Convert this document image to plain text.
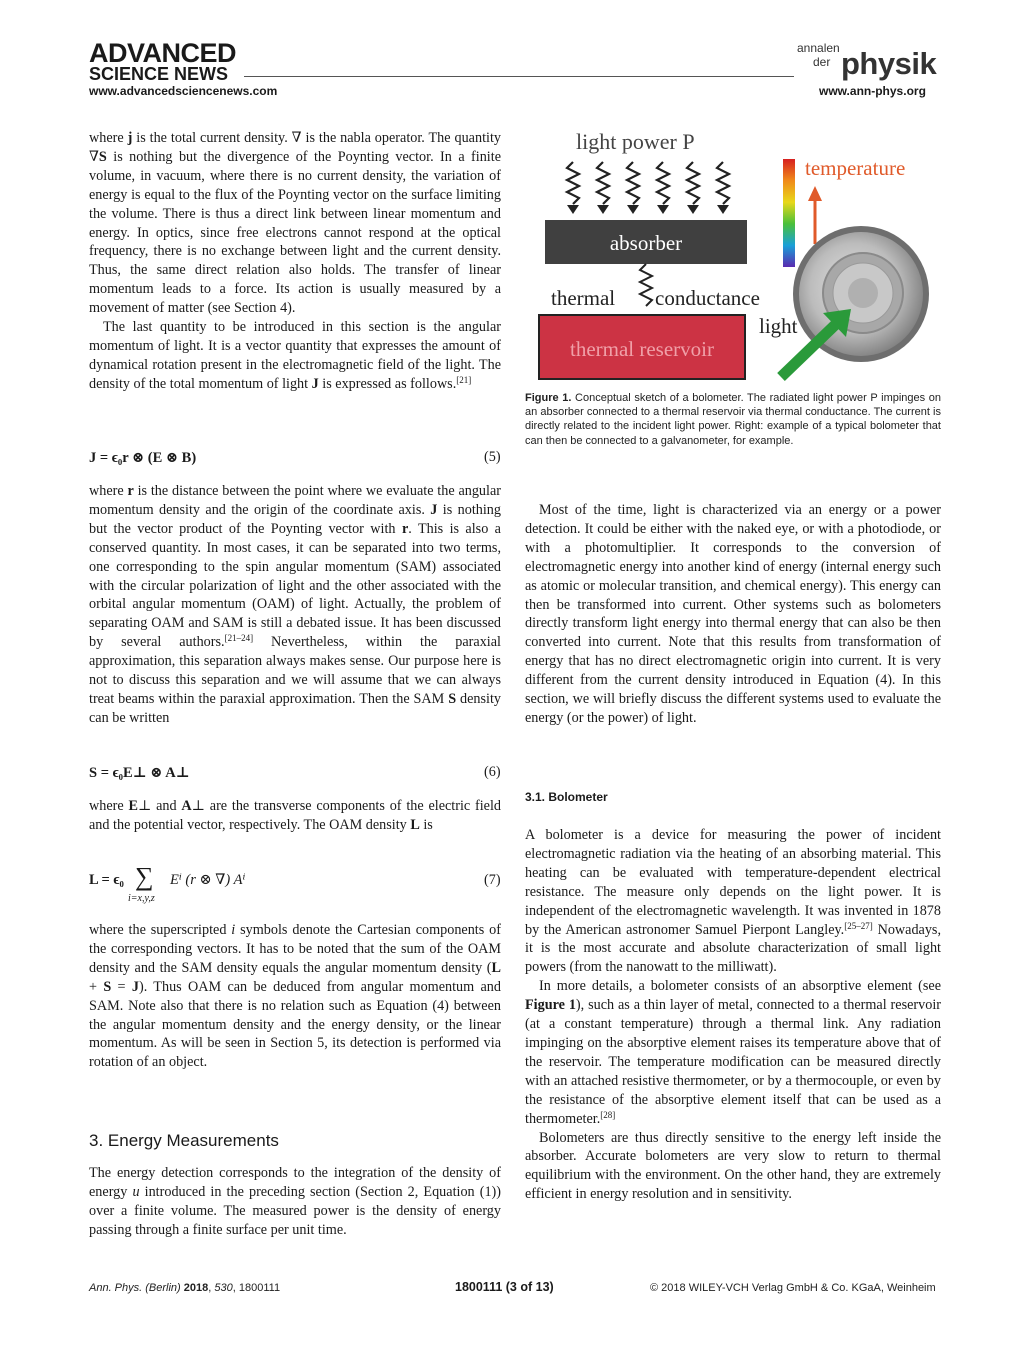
ADVANCED
SCIENCE NEWS
annalen
der physik
www.advancedsciencenews.com	www.ann-phys.org

where j is the total current density. ∇ is the nabla operator. The quantity ∇S is nothing but the divergence of the Poynting vector. In a finite volume, in vacuum, where there is no current density, the variation of energy is equal to the flux of the Poynting vector on the surface limiting the volume. There is thus a direct link between linear momentum and energy. In optics, since free electrons cannot respond at the optical frequency, there is no exchange between light and the current density. Thus, the same direct relation also holds. The transfer of linear momentum leads to a force. Its action is usually measured by a movement of matter (see Section 4).

The last quantity to be introduced in this section is the angular momentum of light. It is a vector quantity that expresses the amount of dynamical rotation present in the electromagnetic field of the light. The density of the total momentum of light J is expressed as follows.[21]

J = ϵ₀r ⊗ (E ⊗ B)	(5)

where r is the distance between the point where we evaluate the angular momentum density and the origin of the coordinate axis. J is nothing but the vector product of the Poynting vector with r. This is also a conserved quantity. In most cases, it can be separated into two terms, one corresponding to the spin angular momentum (SAM) associated with the circular polarization of light and the other associated with the orbital angular momentum (OAM) of light. Actually, the problem of separating OAM and SAM is still a debated issue. It has been discussed by several authors.[21–24] Nevertheless, within the paraxial approximation, this separation always makes sense. Our purpose here is not to discuss this separation and we will assume that we can always treat beams within the paraxial approximation. Then the SAM S density can be written

S = ϵ₀E⊥ ⊗ A⊥	(6)

where E⊥ and A⊥ are the transverse components of the electric field and the potential vector, respectively. The OAM density L is

L = ϵ₀ ∑
i=x,y,z
Eⁱ (r ⊗ ∇) Aⁱ	(7)

where the superscripted i symbols denote the Cartesian components of the corresponding vectors. It has to be noted that the sum of the OAM density and the SAM density equals the angular momentum density (L + S = J). Thus OAM can be deduced from angular momentum and SAM. Note also that there is no relation such as Equation (4) between the angular momentum density and the energy density, or the linear momentum. As will be seen in Section 5, its detection is performed via rotation of an object.

3. Energy Measurements

The energy detection corresponds to the integration of the density of energy u introduced in the preceding section (Section 2, Equation (1)) over a finite volume. The measured power is the density of energy passing through a finite surface per unit time.

light power P
absorber
thermal conductance
thermal reservoir
temperature
light
Figure 1. Conceptual sketch of a bolometer. The radiated light power P impinges on an absorber connected to a thermal reservoir via thermal conductance. The current is directly related to the incident light power. Right: example of a typical bolometer that can then be connected to a galvanometer, for example.

Most of the time, light is characterized via an energy or a power detection. It could be either with the naked eye, or with a photodiode, or with a photomultiplier. It corresponds to the conversion of electromagnetic energy into another kind of energy (internal energy such as atomic or molecular transition, and chemical energy). This energy can then be transformed into current. Other systems such as bolometers directly transform light energy into thermal energy that can also be then converted into current. Note that this results from transformation of energy that has no direct electromagnetic origin into current. It is very different from the current density introduced in Equation (4). In this section, we will briefly discuss the different systems used to evaluate the energy (or the power) of light.

3.1. Bolometer

A bolometer is a device for measuring the power of incident electromagnetic radiation via the heating of an absorbing material. This heating can be evaluated with temperature-dependent electrical resistance. The measure only depends on the light power. It is independent of the electromagnetic wavelength. It was invented in 1878 by the American astronomer Samuel Pierpont Langley.[25–27] Nowadays, it is the most accurate and absolute characterization of small light powers (from the nanowatt to the milliwatt).

In more details, a bolometer consists of an absorptive element (see Figure 1), such as a thin layer of metal, connected to a thermal reservoir (at a constant temperature) through a thermal link. Any radiation impinging on the absorptive element raises its temperature above that of the reservoir. The temperature modification can be measured directly with an attached resistive thermometer, or by a thermocouple, or even by the resistance of the absorptive element itself that can be used as a thermometer.[28]

Bolometers are thus directly sensitive to the energy left inside the absorber. Accurate bolometers are very slow to return to thermal equilibrium with the environment. On the other hand, they are extremely efficient in energy resolution and in sensitivity.

Ann. Phys. (Berlin) 2018, 530, 1800111	1800111 (3 of 13)	© 2018 WILEY-VCH Verlag GmbH & Co. KGaA, Weinheim
